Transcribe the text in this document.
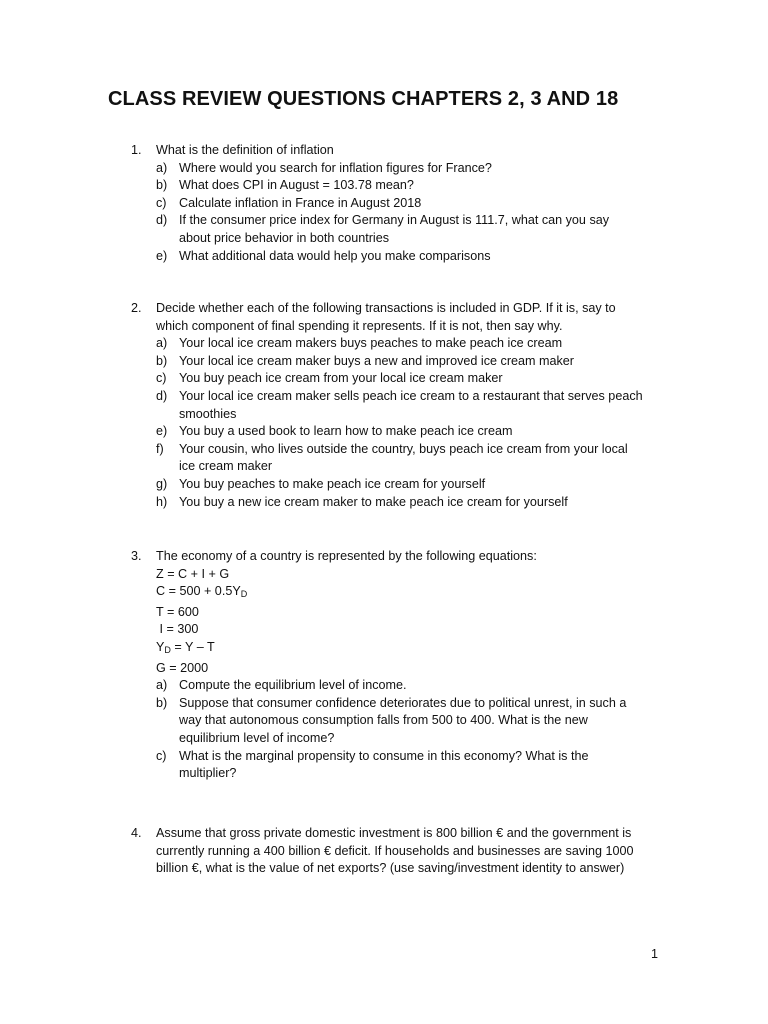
CLASS REVIEW QUESTIONS CHAPTERS 2, 3 AND 18
1. What is the definition of inflation
a) Where would you search for inflation figures for France?
b) What does CPI in August = 103.78 mean?
c) Calculate inflation in France in August 2018
d) If the consumer price index for Germany in August is 111.7, what can you say
about price behavior in both countries
e) What additional data would help you make comparisons
2. Decide whether each of the following transactions is included in GDP. If it is, say to
which component of final spending it represents. If it is not, then say why.
a) Your local ice cream makers buys peaches to make peach ice cream
b) Your local ice cream maker buys a new and improved ice cream maker
c) You buy peach ice cream from your local ice cream maker
d) Your local ice cream maker sells peach ice cream to a restaurant that serves peach
smoothies
e) You buy a used book to learn how to make peach ice cream
f) Your cousin, who lives outside the country, buys peach ice cream from your local
ice cream maker
g) You buy peaches to make peach ice cream for yourself
h) You buy a new ice cream maker to make peach ice cream for yourself
3. The economy of a country is represented by the following equations:
Z = C + I + G
$C = 500 + 0.5Y_D$
T = 600
I = 300
$Y_D = Y - T$
G = 2000
a) Compute the equilibrium level of income.
b) Suppose that consumer confidence deteriorates due to political unrest, in such a
way that autonomous consumption falls from 500 to 400. What is the new
equilibrium level of income?
c) What is the marginal propensity to consume in this economy? What is the
multiplier?
4. Assume that gross private domestic investment is 800 billion € and the government is
currently running a 400 billion € deficit. If households and businesses are saving 1000
billion €, what is the value of net exports? (use saving/investment identity to answer)
1
